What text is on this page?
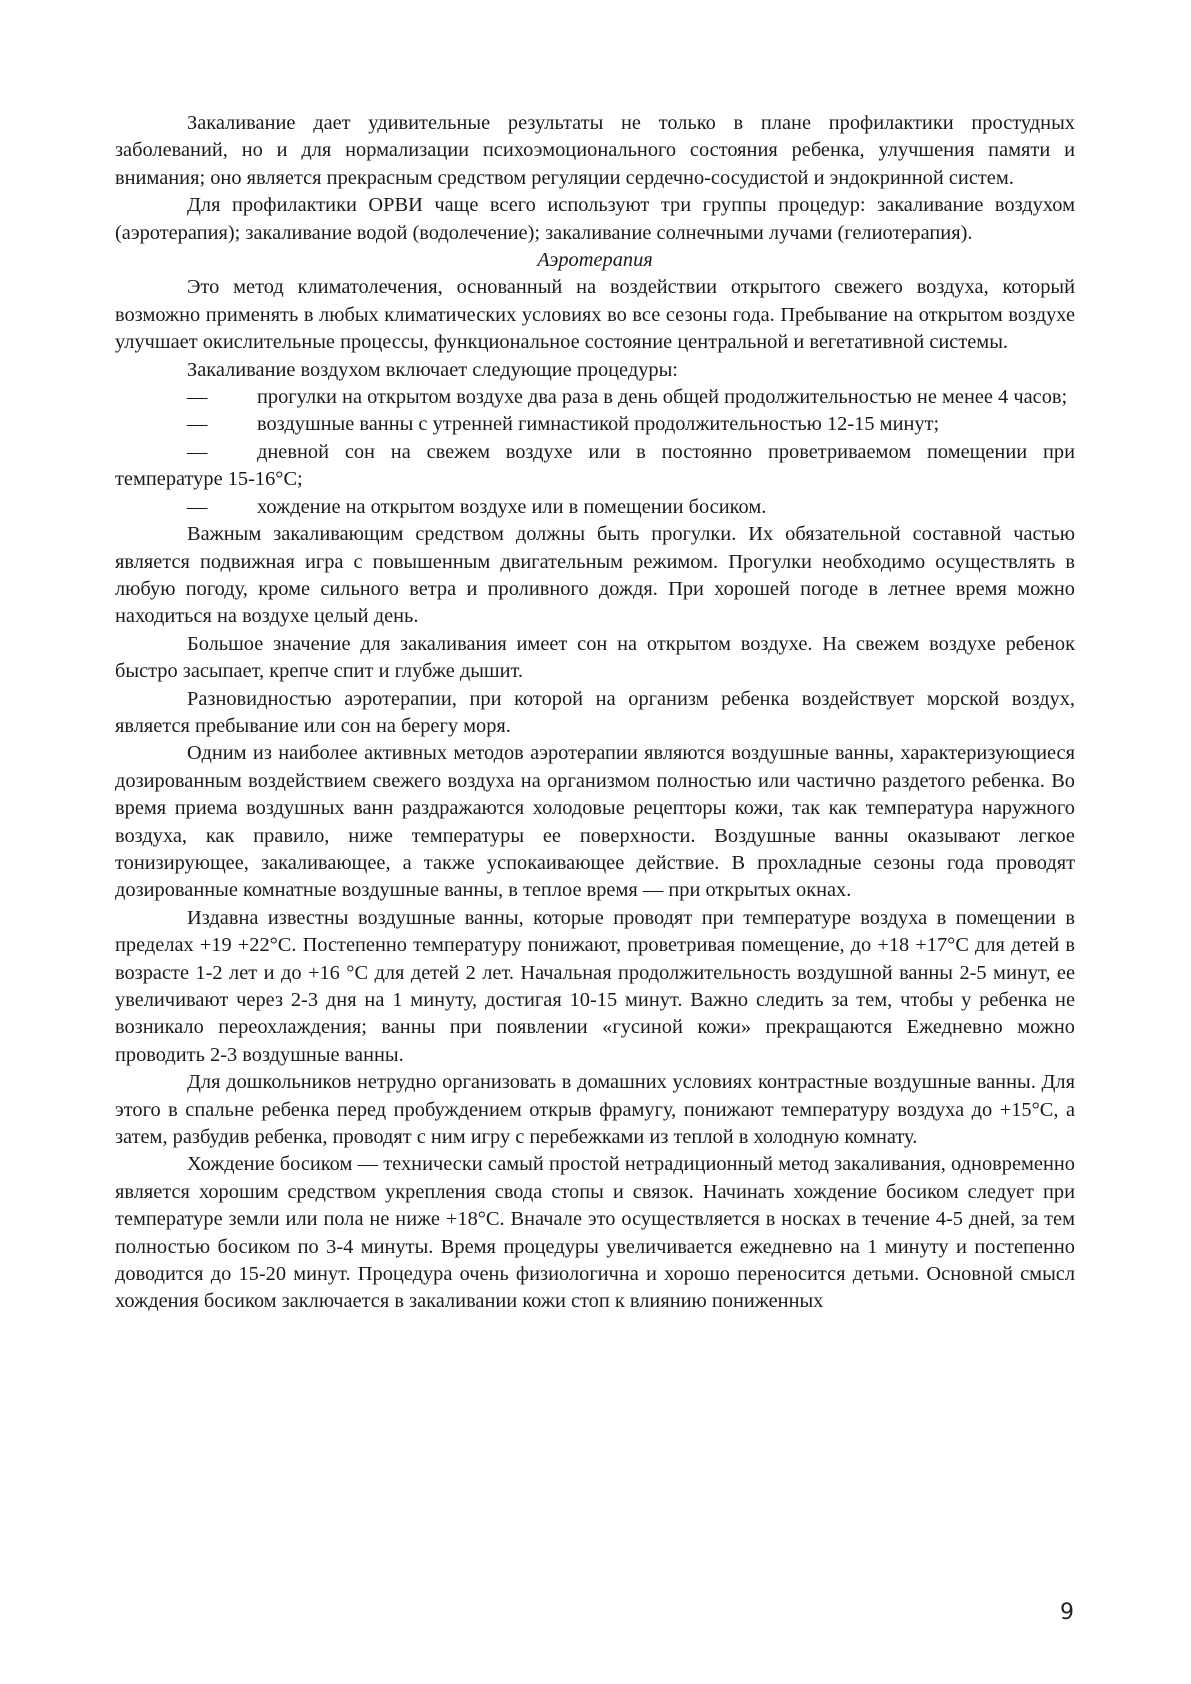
Закаливание дает удивительные результаты не только в плане профилактики простудных заболеваний, но и для нормализации психоэмоционального состояния ребенка, улучшения памяти и внимания; оно является прекрасным средством регуляции сердечно-сосудистой и эндокринной систем.

Для профилактики ОРВИ чаще всего используют три группы процедур: закаливание воздухом (аэротерапия); закаливание водой (водолечение); закаливание солнечными лучами (гелиотерапия).

Аэротерапия

Это метод климатолечения, основанный на воздействии открытого свежего воздуха, который возможно применять в любых климатических условиях во все сезоны года. Пребывание на открытом воздухе улучшает окислительные процессы, функциональное состояние центральной и вегетативной системы.

Закаливание воздухом включает следующие процедуры:

— прогулки на открытом воздухе два раза в день общей продолжительностью не менее 4 часов;

— воздушные ванны с утренней гимнастикой продолжительностью 12-15 минут;

— дневной сон на свежем воздухе или в постоянно проветриваемом помещении при температуре 15-16°С;

— хождение на открытом воздухе или в помещении босиком.

Важным закаливающим средством должны быть прогулки. Их обязательной составной частью является подвижная игра с повышенным двигательным режимом. Прогулки необходимо осуществлять в любую погоду, кроме сильного ветра и проливного дождя. При хорошей погоде в летнее время можно находиться на воздухе целый день.

Большое значение для закаливания имеет сон на открытом воздухе. На свежем воздухе ребенок быстро засыпает, крепче спит и глубже дышит.

Разновидностью аэротерапии, при которой на организм ребенка воздействует морской воздух, является пребывание или сон на берегу моря.

Одним из наиболее активных методов аэротерапии являются воздушные ванны, характеризующиеся дозированным воздействием свежего воздуха на организмом полностью или частично раздетого ребенка. Во время приема воздушных ванн раздражаются холодовые рецепторы кожи, так как температура наружного воздуха, как правило, ниже температуры ее поверхности. Воздушные ванны оказывают легкое тонизирующее, закаливающее, а также успокаивающее действие. В прохладные сезоны года проводят дозированные комнатные воздушные ванны, в теплое время — при открытых окнах.

Издавна известны воздушные ванны, которые проводят при температуре воздуха в помещении в пределах +19 +22°С. Постепенно температуру понижают, проветривая помещение, до +18 +17°С для детей в возрасте 1-2 лет и до +16 °С для детей 2 лет. Начальная продолжительность воздушной ванны 2-5 минут, ее увеличивают через 2-3 дня на 1 минуту, достигая 10-15 минут. Важно следить за тем, чтобы у ребенка не возникало переохлаждения; ванны при появлении «гусиной кожи» прекращаются Ежедневно можно проводить 2-3 воздушные ванны.

Для дошкольников нетрудно организовать в домашних условиях контрастные воздушные ванны. Для этого в спальне ребенка перед пробуждением открыв фрамугу, понижают температуру воздуха до +15°С, а затем, разбудив ребенка, проводят с ним игру с перебежками из теплой в холодную комнату.

Хождение босиком — технически самый простой нетрадиционный метод закаливания, одновременно является хорошим средством укрепления свода стопы и связок. Начинать хождение босиком следует при температуре земли или пола не ниже +18°С. Вначале это осуществляется в носках в течение 4-5 дней, за тем полностью босиком по 3-4 минуты. Время процедуры увеличивается ежедневно на 1 минуту и постепенно доводится до 15-20 минут. Процедура очень физиологична и хорошо переносится детьми. Основной смысл хождения босиком заключается в закаливании кожи стоп к влиянию пониженных

9
